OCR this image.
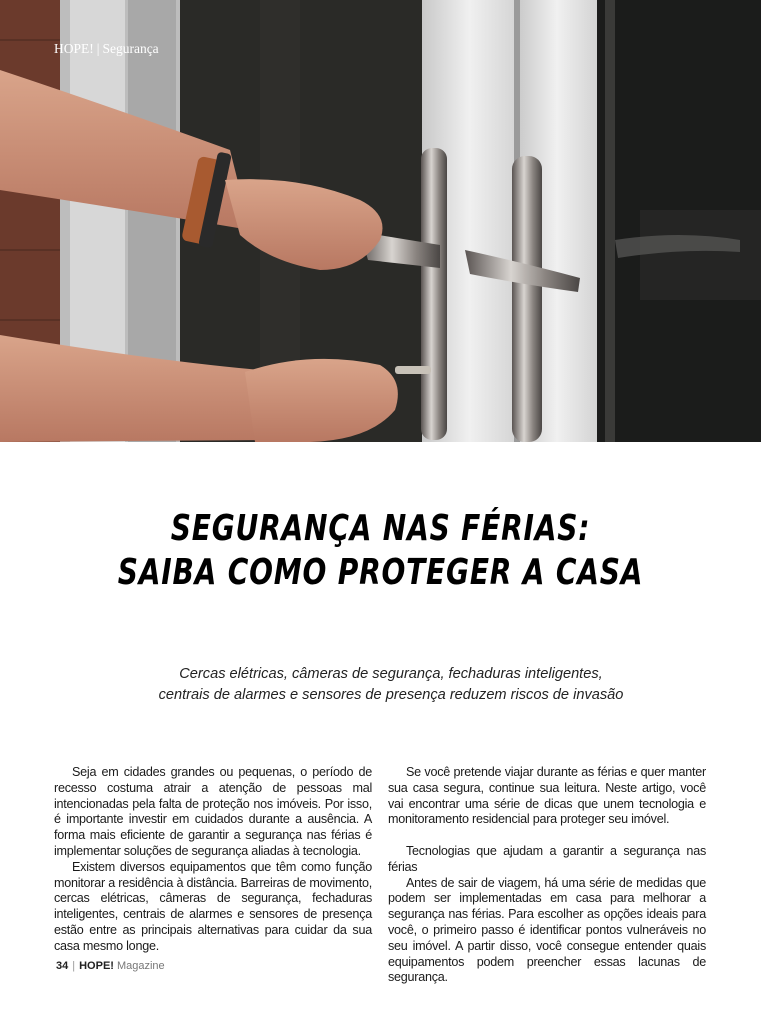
HOPE! | Segurança
SEGURANÇA NAS FÉRIAS:
SAIBA COMO PROTEGER A CASA
Cercas elétricas, câmeras de segurança, fechaduras inteligentes,
centrais de alarmes e sensores de presença reduzem riscos de invasão

Seja em cidades grandes ou pequenas, o período de recesso costuma atrair a atenção de pessoas mal intencionadas pela falta de proteção nos imóveis. Por isso, é importante investir em cuidados durante a ausência. A forma mais eficiente de garantir a segurança nas férias é implementar soluções de segurança aliadas à tecnologia.

Existem diversos equipamentos que têm como função monitorar a residência à distância. Barreiras de movimento, cercas elétricas, câmeras de segurança, fechaduras inteligentes, centrais de alarmes e sensores de presença estão entre as principais alternativas para cuidar da sua casa mesmo longe.

Se você pretende viajar durante as férias e quer manter sua casa segura, continue sua leitura. Neste artigo, você vai encontrar uma série de dicas que unem tecnologia e monitoramento residencial para proteger seu imóvel.

Tecnologias que ajudam a garantir a segurança nas férias

Antes de sair de viagem, há uma série de medidas que podem ser implementadas em casa para melhorar a segurança nas férias. Para escolher as opções ideais para você, o primeiro passo é identificar pontos vulneráveis no seu imóvel. A partir disso, você consegue entender quais equipamentos podem preencher essas lacunas de segurança.

34 | HOPE! Magazine
